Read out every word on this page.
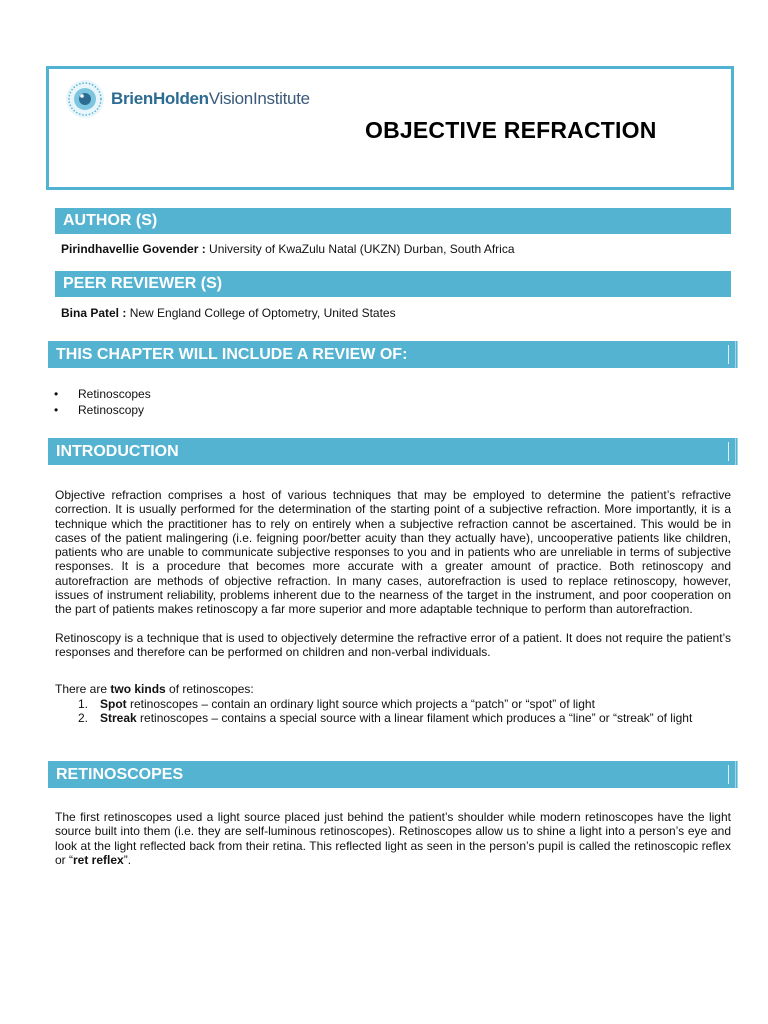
BrienHoldenVisionInstitute
OBJECTIVE REFRACTION
AUTHOR (S)
Pirindhavellie Govender : University of KwaZulu Natal (UKZN) Durban, South Africa
PEER REVIEWER (S)
Bina Patel : New England College of Optometry, United States
THIS CHAPTER WILL INCLUDE A REVIEW OF:
• Retinoscopes
• Retinoscopy
INTRODUCTION
Objective refraction comprises a host of various techniques that may be employed to determine the patient’s refractive correction. It is usually performed for the determination of the starting point of a subjective refraction. More importantly, it is a technique which the practitioner has to rely on entirely when a subjective refraction cannot be ascertained. This would be in cases of the patient malingering (i.e. feigning poor/better acuity than they actually have), uncooperative patients like children, patients who are unable to communicate subjective responses to you and in patients who are unreliable in terms of subjective responses. It is a procedure that becomes more accurate with a greater amount of practice. Both retinoscopy and autorefraction are methods of objective refraction. In many cases, autorefraction is used to replace retinoscopy, however, issues of instrument reliability, problems inherent due to the nearness of the target in the instrument, and poor cooperation on the part of patients makes retinoscopy a far more superior and more adaptable technique to perform than autorefraction.
Retinoscopy is a technique that is used to objectively determine the refractive error of a patient. It does not require the patient’s responses and therefore can be performed on children and non-verbal individuals.
There are two kinds of retinoscopes:
1. Spot retinoscopes – contain an ordinary light source which projects a “patch” or “spot” of light
2. Streak retinoscopes – contains a special source with a linear filament which produces a “line” or “streak” of light
RETINOSCOPES
The first retinoscopes used a light source placed just behind the patient’s shoulder while modern retinoscopes have the light source built into them (i.e. they are self-luminous retinoscopes). Retinoscopes allow us to shine a light into a person’s eye and look at the light reflected back from their retina. This reflected light as seen in the person’s pupil is called the retinoscopic reflex or “ret reflex”.
